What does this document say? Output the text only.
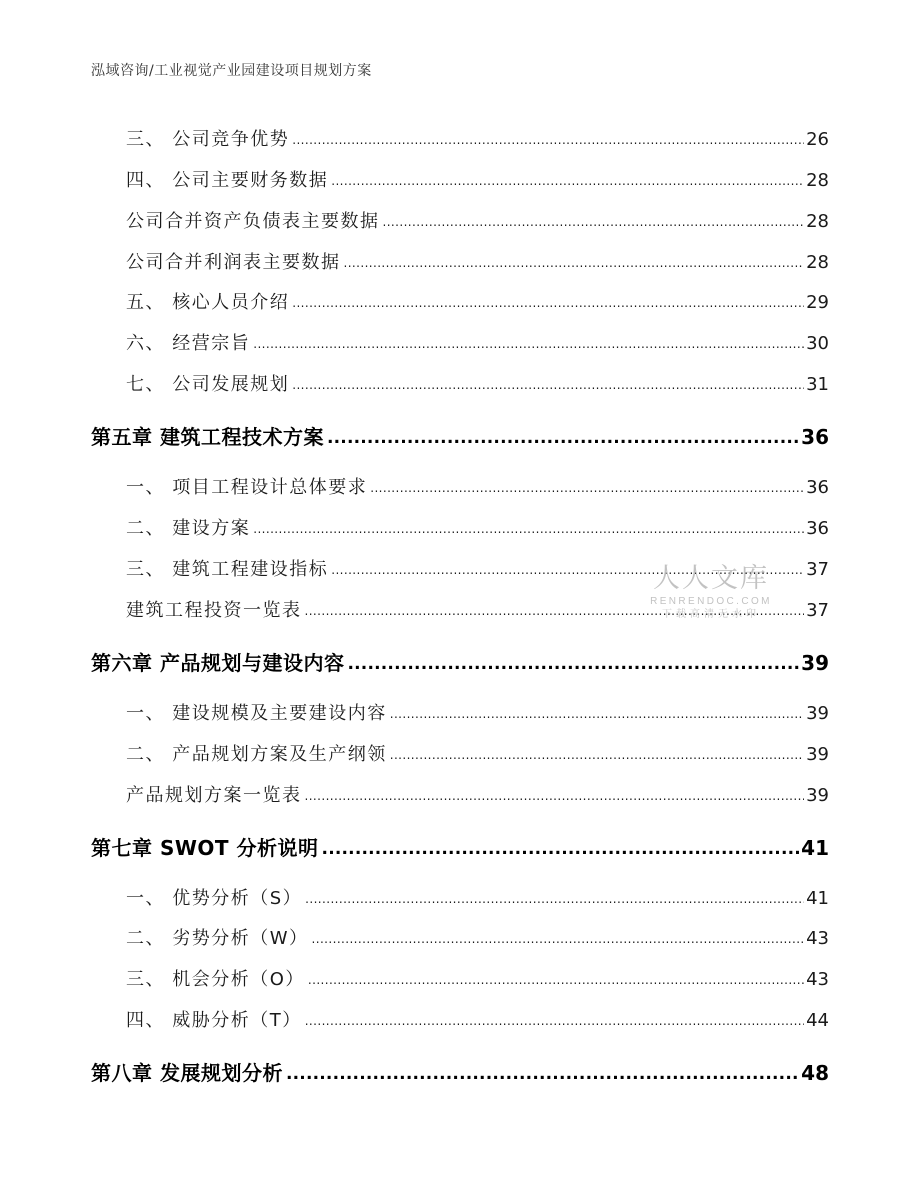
泓域咨询/工业视觉产业园建设项目规划方案
三、 公司竞争优势 .....	26
四、 公司主要财务数据 .....	28
公司合并资产负债表主要数据 .....	28
公司合并利润表主要数据 .....	28
五、 核心人员介绍 .....	29
六、 经营宗旨 .....	30
七、 公司发展规划 .....	31
第五章 建筑工程技术方案 .....	36
一、 项目工程设计总体要求 .....	36
二、 建设方案 .....	36
三、 建筑工程建设指标 .....	37
建筑工程投资一览表 .....	37
第六章 产品规划与建设内容 .....	39
一、 建设规模及主要建设内容 .....	39
二、 产品规划方案及生产纲领 .....	39
产品规划方案一览表 .....	39
第七章 SWOT 分析说明 .....	41
一、 优势分析（S） .....	41
二、 劣势分析（W） .....	43
三、 机会分析（O） .....	43
四、 威胁分析（T） .....	44
第八章 发展规划分析 .....	48
人人文库
RENRENDOC.COM
下载高清无水印
